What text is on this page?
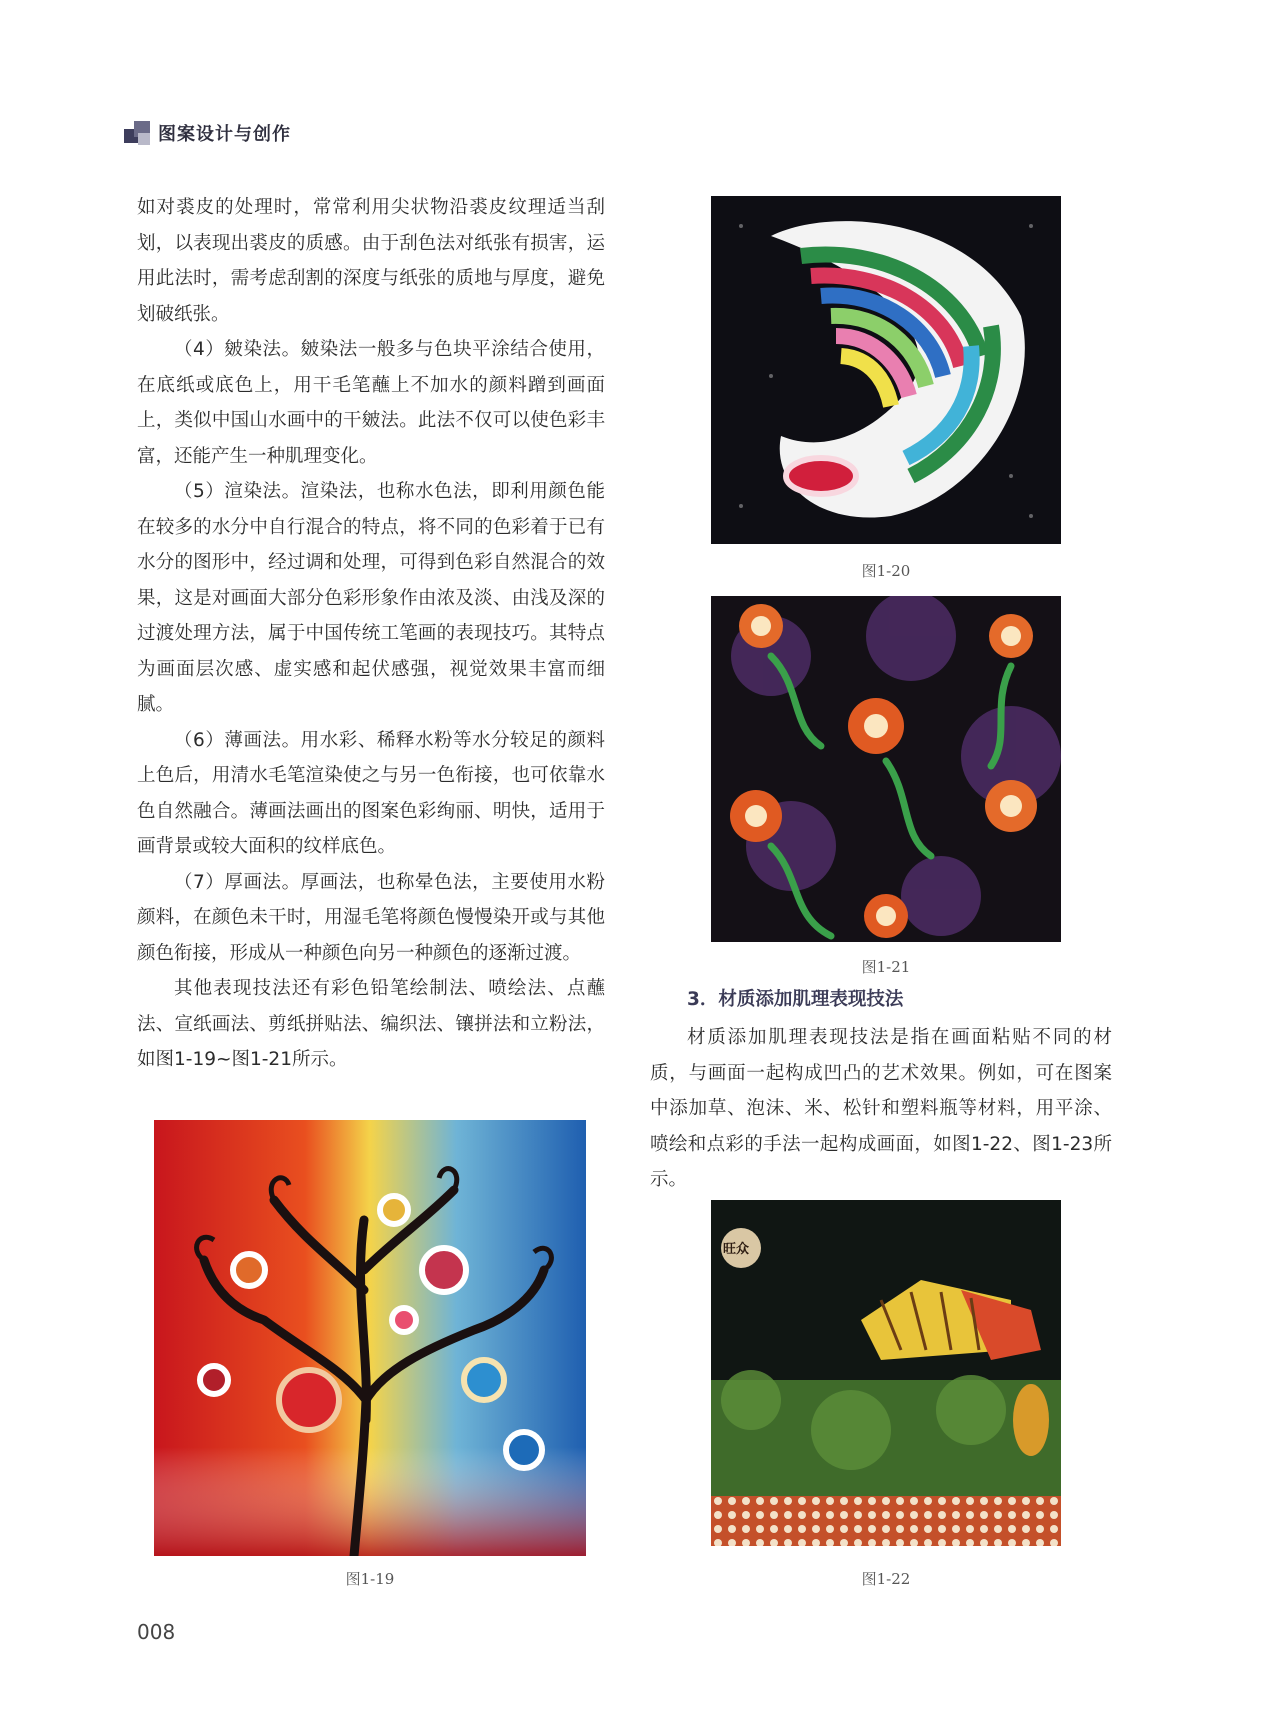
图案设计与创作

如对裘皮的处理时，常常利用尖状物沿裘皮纹理适当刮划，以表现出裘皮的质感。由于刮色法对纸张有损害，运用此法时，需考虑刮割的深度与纸张的质地与厚度，避免划破纸张。

（4）皴染法。皴染法一般多与色块平涂结合使用，在底纸或底色上，用干毛笔蘸上不加水的颜料蹭到画面上，类似中国山水画中的干皴法。此法不仅可以使色彩丰富，还能产生一种肌理变化。

（5）渲染法。渲染法，也称水色法，即利用颜色能在较多的水分中自行混合的特点，将不同的色彩着于已有水分的图形中，经过调和处理，可得到色彩自然混合的效果，这是对画面大部分色彩形象作由浓及淡、由浅及深的过渡处理方法，属于中国传统工笔画的表现技巧。其特点为画面层次感、虚实感和起伏感强，视觉效果丰富而细腻。

（6）薄画法。用水彩、稀释水粉等水分较足的颜料上色后，用清水毛笔渲染使之与另一色衔接，也可依靠水色自然融合。薄画法画出的图案色彩绚丽、明快，适用于画背景或较大面积的纹样底色。

（7）厚画法。厚画法，也称晕色法，主要使用水粉颜料，在颜色未干时，用湿毛笔将颜色慢慢染开或与其他颜色衔接，形成从一种颜色向另一种颜色的逐渐过渡。

其他表现技法还有彩色铅笔绘制法、喷绘法、点蘸法、宣纸画法、剪纸拼贴法、编织法、镶拼法和立粉法，如图1-19~图1-21所示。

图1-19
图1-20
图1-21
3．材质添加肌理表现技法

材质添加肌理表现技法是指在画面粘贴不同的材质，与画面一起构成凹凸的艺术效果。例如，可在图案中添加草、泡沫、米、松针和塑料瓶等材料，用平涂、喷绘和点彩的手法一起构成画面，如图1-22、图1-23所示。

旺众
图1-22
008
